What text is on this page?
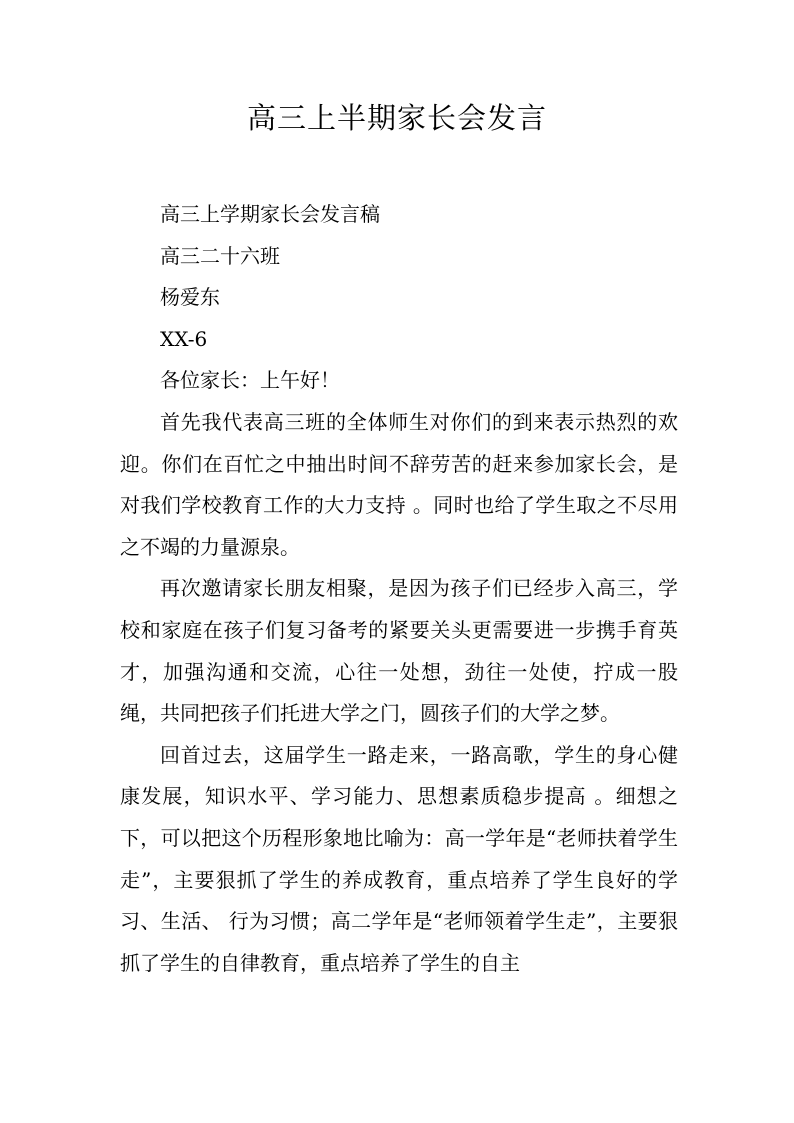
高三上半期家长会发言

高三上学期家长会发言稿

高三二十六班

杨爱东

XX-6

各位家长：上午好！

首先我代表高三班的全体师生对你们的到来表示热烈的欢迎。你们在百忙之中抽出时间不辞劳苦的赶来参加家长会，是对我们学校教育工作的大力支持 。同时也给了学生取之不尽用之不竭的力量源泉。

再次邀请家长朋友相聚，是因为孩子们已经步入高三，学校和家庭在孩子们复习备考的紧要关头更需要进一步携手育英才，加强沟通和交流，心往一处想，劲往一处使，拧成一股绳，共同把孩子们托进大学之门，圆孩子们的大学之梦。

回首过去，这届学生一路走来，一路高歌，学生的身心健康发展，知识水平、学习能力、思想素质稳步提高 。细想之下，可以把这个历程形象地比喻为：高一学年是“老师扶着学生走”，主要狠抓了学生的养成教育，重点培养了学生良好的学习、生活、 行为习惯；高二学年是“老师领着学生走”，主要狠抓了学生的自律教育，重点培养了学生的自主
